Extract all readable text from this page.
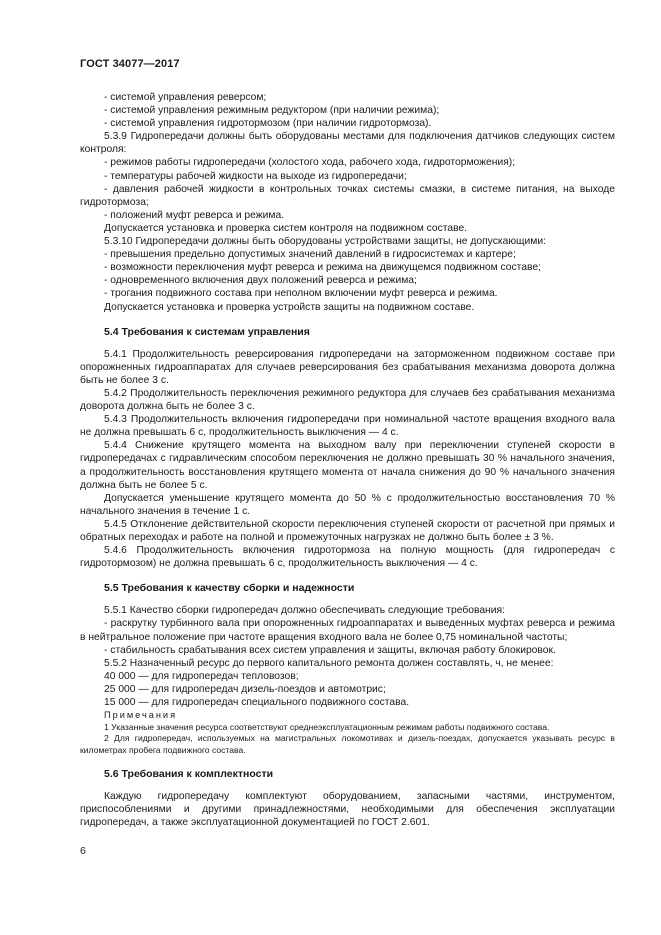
ГОСТ 34077—2017

- системой управления реверсом;

- системой управления режимным редуктором (при наличии режима);

- системой управления гидротормозом (при наличии гидротормоза).

5.3.9 Гидропередачи должны быть оборудованы местами для подключения датчиков следующих систем контроля:

- режимов работы гидропередачи (холостого хода, рабочего хода, гидроторможения);

- температуры рабочей жидкости на выходе из гидропередачи;

- давления рабочей жидкости в контрольных точках системы смазки, в системе питания, на выходе гидротормоза;

- положений муфт реверса и режима.

Допускается установка и проверка систем контроля на подвижном составе.

5.3.10 Гидропередачи должны быть оборудованы устройствами защиты, не допускающими:

- превышения предельно допустимых значений давлений в гидросистемах и картере;

- возможности переключения муфт реверса и режима на движущемся подвижном составе;

- одновременного включения двух положений реверса и режима;

- трогания подвижного состава при неполном включении муфт реверса и режима.

Допускается установка и проверка устройств защиты на подвижном составе.

5.4 Требования к системам управления

5.4.1 Продолжительность реверсирования гидропередачи на заторможенном подвижном составе при опорожненных гидроаппаратах для случаев реверсирования без срабатывания механизма доворота должна быть не более 3 с.

5.4.2 Продолжительность переключения режимного редуктора для случаев без срабатывания механизма доворота должна быть не более 3 с.

5.4.3 Продолжительность включения гидропередачи при номинальной частоте вращения входного вала не должна превышать 6 с, продолжительность выключения — 4 с.

5.4.4 Снижение крутящего момента на выходном валу при переключении ступеней скорости в гидропередачах с гидравлическим способом переключения не должно превышать 30 % начального значения, а продолжительность восстановления крутящего момента от начала снижения до 90 % начального значения должна быть не более 5 с.

Допускается уменьшение крутящего момента до 50 % с продолжительностью восстановления 70 % начального значения в течение 1 с.

5.4.5 Отклонение действительной скорости переключения ступеней скорости от расчетной при прямых и обратных переходах и работе на полной и промежуточных нагрузках не должно быть более ± 3 %.

5.4.6 Продолжительность включения гидротормоза на полную мощность (для гидропередач с гидротормозом) не должна превышать 6 с, продолжительность выключения — 4 с.

5.5 Требования к качеству сборки и надежности

5.5.1 Качество сборки гидропередач должно обеспечивать следующие требования:

- раскрутку турбинного вала при опорожненных гидроаппаратах и выведенных муфтах реверса и режима в нейтральное положение при частоте вращения входного вала не более 0,75 номинальной частоты;

- стабильность срабатывания всех систем управления и защиты, включая работу блокировок.

5.5.2 Назначенный ресурс до первого капитального ремонта должен составлять, ч, не менее:

40 000 — для гидропередач тепловозов;

25 000 — для гидропередач дизель-поездов и автомотрис;

15 000 — для гидропередач специального подвижного состава.

Примечания

1 Указанные значения ресурса соответствуют среднеэксплуатационным режимам работы подвижного состава.

2 Для гидропередач, используемых на магистральных локомотивах и дизель-поездах, допускается указывать ресурс в километрах пробега подвижного состава.

5.6 Требования к комплектности

Каждую гидропередачу комплектуют оборудованием, запасными частями, инструментом, приспособлениями и другими принадлежностями, необходимыми для обеспечения эксплуатации гидропередач, а также эксплуатационной документацией по ГОСТ 2.601.

6
